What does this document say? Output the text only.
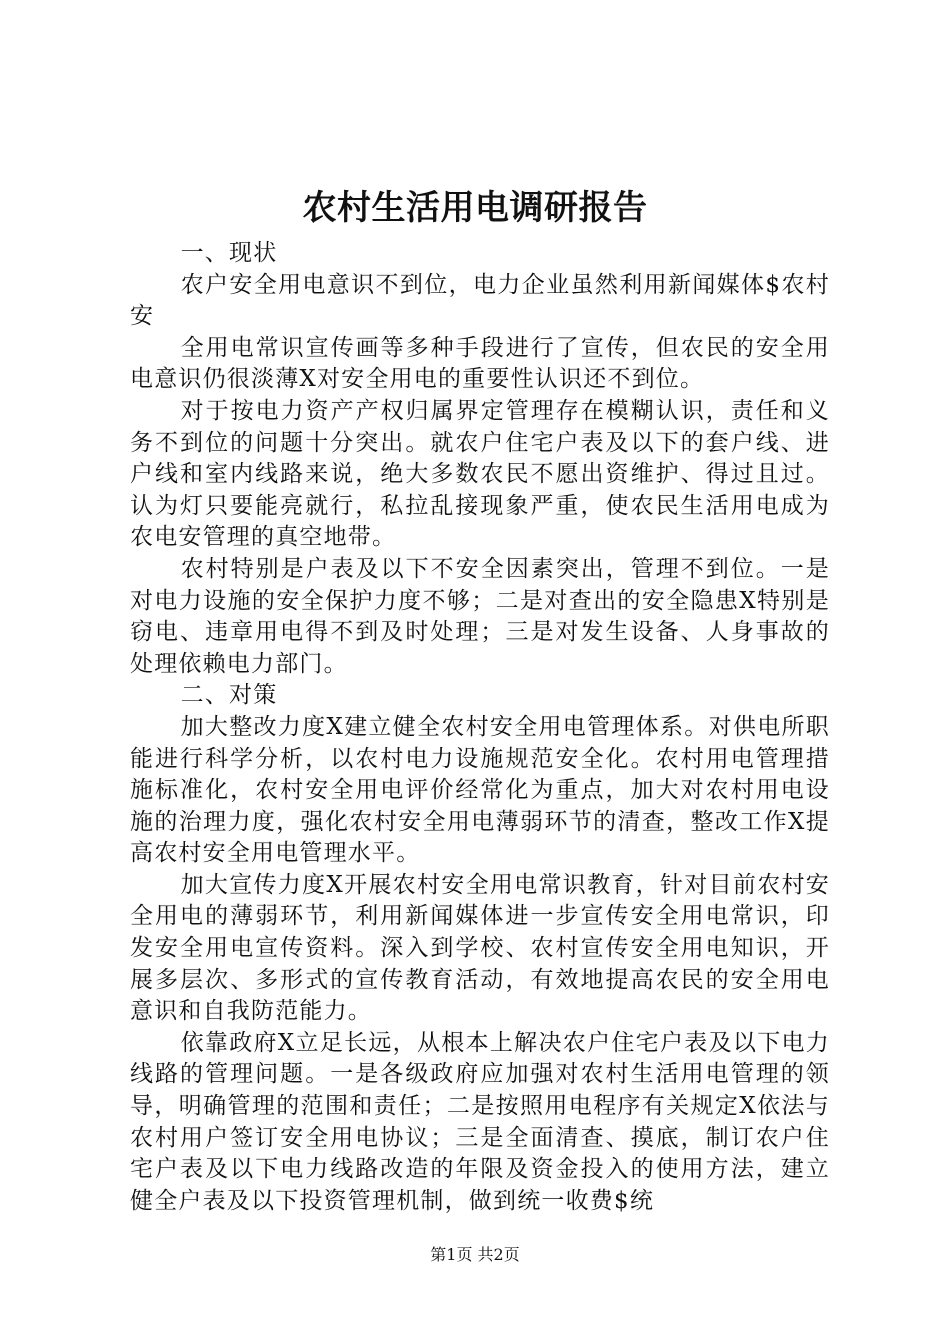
农村生活用电调研报告

一、现状

农户安全用电意识不到位，电力企业虽然利用新闻媒体$农村安

全用电常识宣传画等多种手段进行了宣传，但农民的安全用电意识仍很淡薄X对安全用电的重要性认识还不到位。

对于按电力资产产权归属界定管理存在模糊认识，责任和义务不到位的问题十分突出。就农户住宅户表及以下的套户线、进户线和室内线路来说，绝大多数农民不愿出资维护、得过且过。认为灯只要能亮就行，私拉乱接现象严重，使农民生活用电成为农电安管理的真空地带。

农村特别是户表及以下不安全因素突出，管理不到位。一是对电力设施的安全保护力度不够；二是对查出的安全隐患X特别是窃电、违章用电得不到及时处理；三是对发生设备、人身事故的处理依赖电力部门。

二、对策

加大整改力度X建立健全农村安全用电管理体系。对供电所职能进行科学分析，以农村电力设施规范安全化。农村用电管理措施标准化，农村安全用电评价经常化为重点，加大对农村用电设施的治理力度，强化农村安全用电薄弱环节的清查，整改工作X提高农村安全用电管理水平。

加大宣传力度X开展农村安全用电常识教育，针对目前农村安全用电的薄弱环节，利用新闻媒体进一步宣传安全用电常识，印发安全用电宣传资料。深入到学校、农村宣传安全用电知识，开展多层次、多形式的宣传教育活动，有效地提高农民的安全用电意识和自我防范能力。

依靠政府X立足长远，从根本上解决农户住宅户表及以下电力线路的管理问题。一是各级政府应加强对农村生活用电管理的领导，明确管理的范围和责任；二是按照用电程序有关规定X依法与农村用户签订安全用电协议；三是全面清查、摸底，制订农户住宅户表及以下电力线路改造的年限及资金投入的使用方法，建立健全户表及以下投资管理机制，做到统一收费$统

第1页 共2页
